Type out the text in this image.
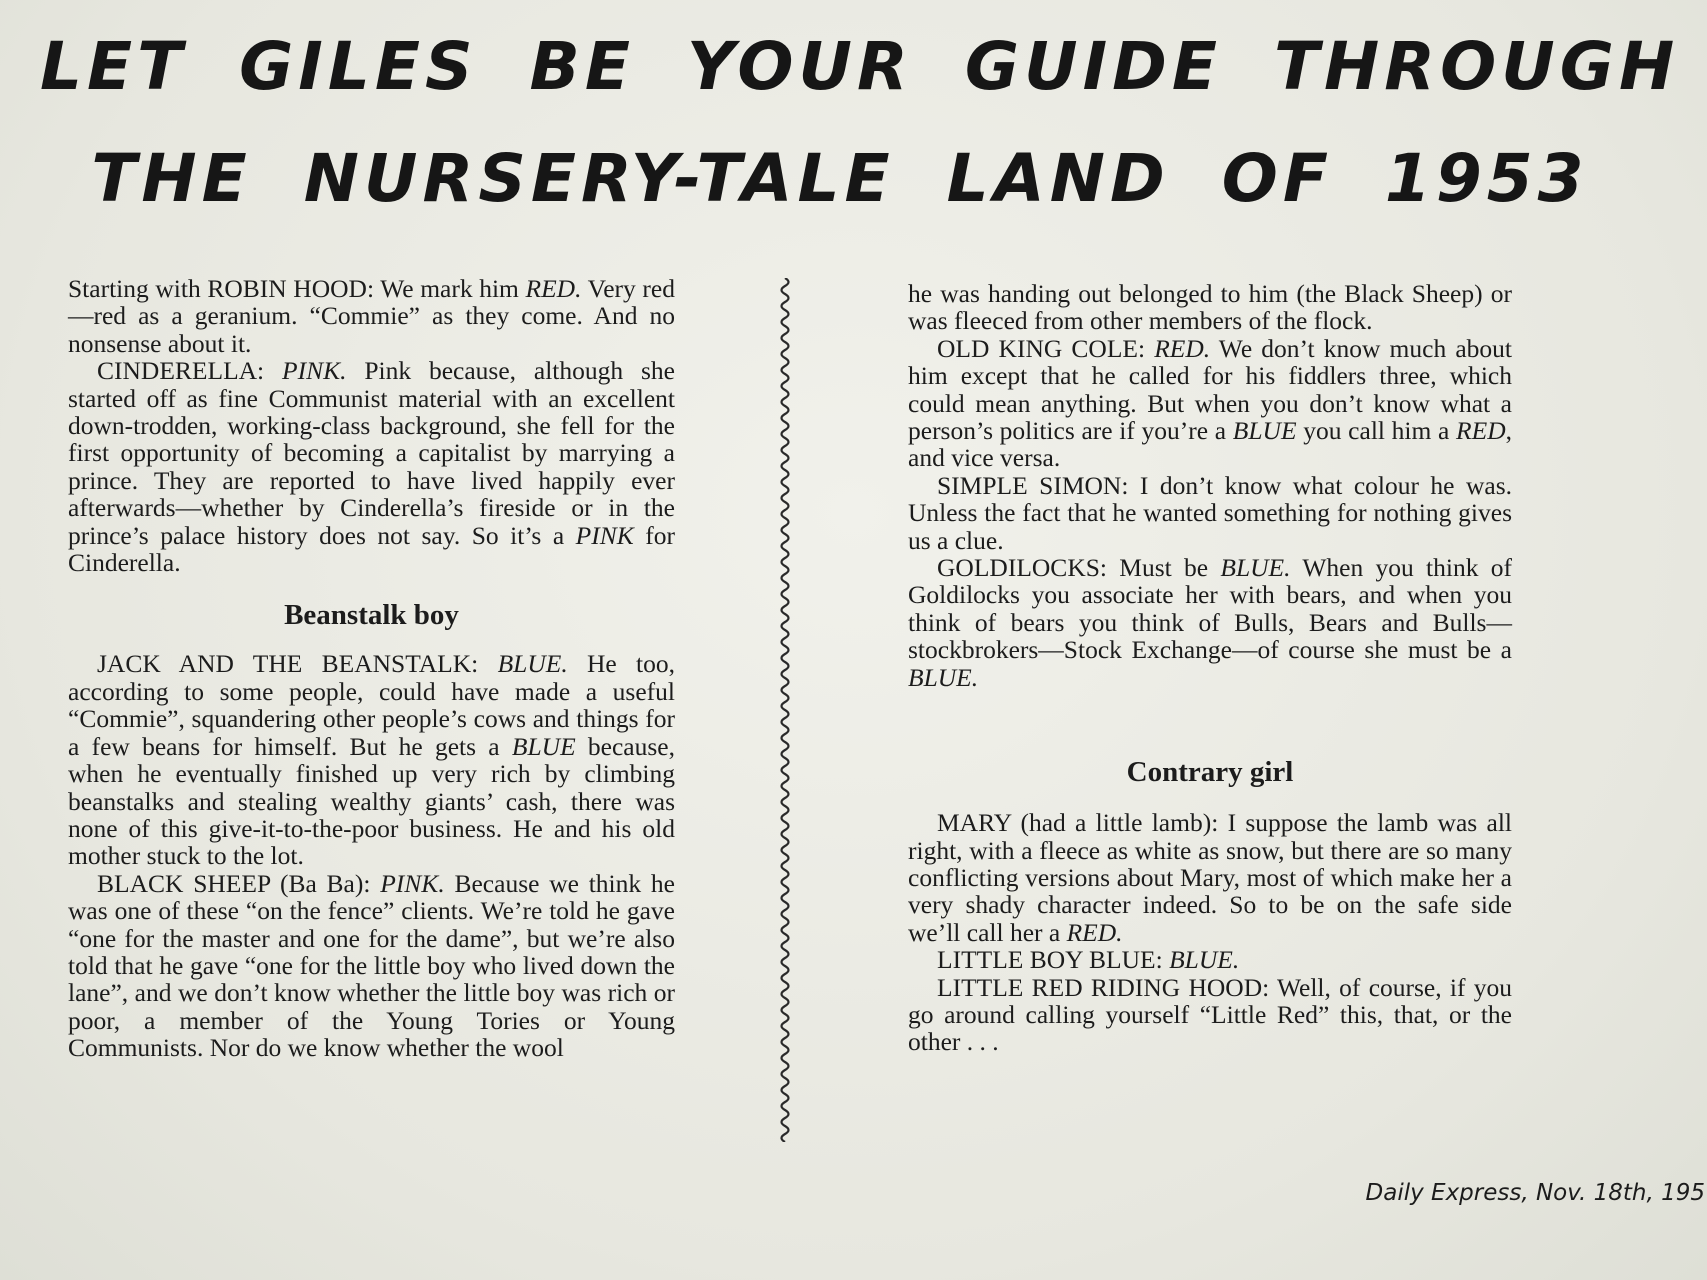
LET GILES BE YOUR GUIDE THROUGH
THE NURSERY-TALE LAND OF 1953

Starting with ROBIN HOOD: We mark him RED. Very red—red as a geranium. “Commie” as they come. And no nonsense about it.

CINDERELLA: PINK. Pink because, although she started off as fine Communist material with an excellent down-trodden, working-class background, she fell for the first opportunity of becoming a capitalist by marrying a prince. They are reported to have lived happily ever afterwards—whether by Cinderella’s fireside or in the prince’s palace history does not say. So it’s a PINK for Cinderella.

Beanstalk boy

JACK AND THE BEANSTALK: BLUE. He too, according to some people, could have made a useful “Commie”, squandering other people’s cows and things for a few beans for himself. But he gets a BLUE because, when he eventually finished up very rich by climbing beanstalks and stealing wealthy giants’ cash, there was none of this give-it-to-the-poor business. He and his old mother stuck to the lot.

BLACK SHEEP (Ba Ba): PINK. Because we think he was one of these “on the fence” clients. We’re told he gave “one for the master and one for the dame”, but we’re also told that he gave “one for the little boy who lived down the lane”, and we don’t know whether the little boy was rich or poor, a member of the Young Tories or Young Communists. Nor do we know whether the wool

he was handing out belonged to him (the Black Sheep) or was fleeced from other members of the flock.

OLD KING COLE: RED. We don’t know much about him except that he called for his fiddlers three, which could mean anything. But when you don’t know what a person’s politics are if you’re a BLUE you call him a RED, and vice versa.

SIMPLE SIMON: I don’t know what colour he was. Unless the fact that he wanted something for nothing gives us a clue.

GOLDILOCKS: Must be BLUE. When you think of Goldilocks you associate her with bears, and when you think of bears you think of Bulls, Bears and Bulls—stockbrokers—Stock Exchange—of course she must be a BLUE.

Contrary girl

MARY (had a little lamb): I suppose the lamb was all right, with a fleece as white as snow, but there are so many conflicting versions about Mary, most of which make her a very shady character indeed. So to be on the safe side we’ll call her a RED.

LITTLE BOY BLUE: BLUE.

LITTLE RED RIDING HOOD: Well, of course, if you go around calling yourself “Little Red” this, that, or the other . . .

Daily Express, Nov. 18th, 195
